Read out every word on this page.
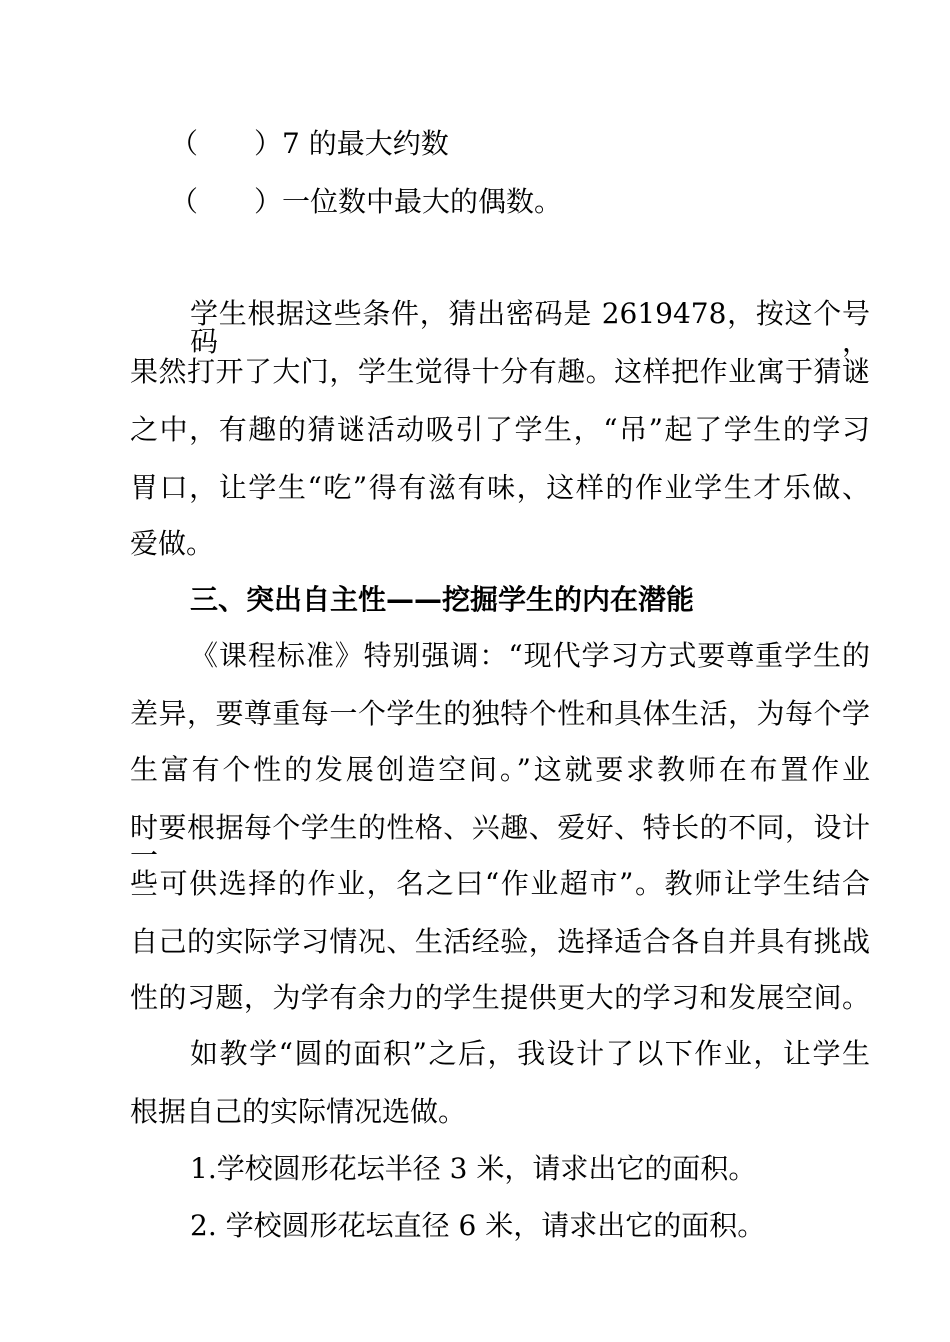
（　　）7 的最大约数
（　　）一位数中最大的偶数。
学生根据这些条件，猜出密码是 2619478，按这个号码，
果然打开了大门，学生觉得十分有趣。这样把作业寓于猜谜
之中，有趣的猜谜活动吸引了学生，“吊”起了学生的学习
胃口，让学生“吃”得有滋有味，这样的作业学生才乐做、
爱做。
三、突出自主性——挖掘学生的内在潜能
《课程标准》特别强调：“现代学习方式要尊重学生的
差异，要尊重每一个学生的独特个性和具体生活，为每个学
生富有个性的发展创造空间。”这就要求教师在布置作业
时要根据每个学生的性格、兴趣、爱好、特长的不同，设计一
些可供选择的作业，名之曰“作业超市”。教师让学生结合
自己的实际学习情况、生活经验，选择适合各自并具有挑战
性的习题，为学有余力的学生提供更大的学习和发展空间。
如教学“圆的面积”之后，我设计了以下作业，让学生
根据自己的实际情况选做。
1.学校圆形花坛半径 3 米，请求出它的面积。
2. 学校圆形花坛直径 6 米，请求出它的面积。
